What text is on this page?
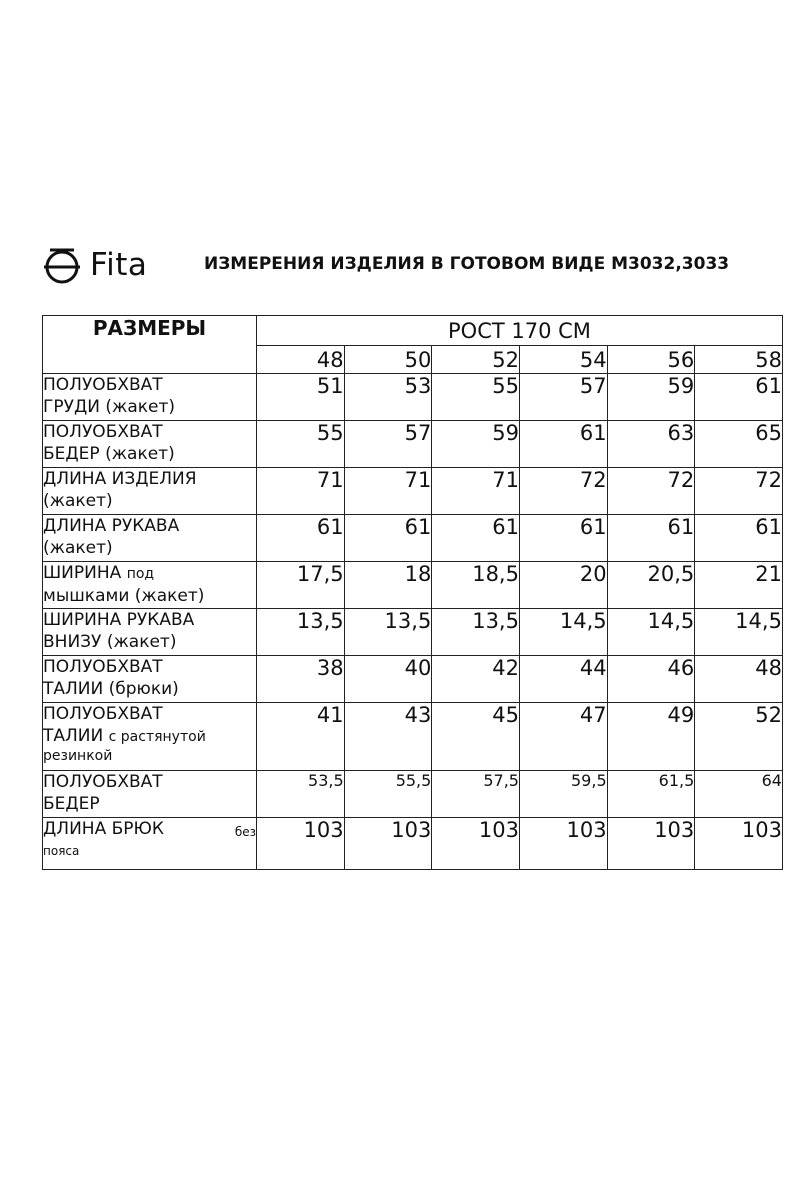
Fita	ИЗМЕРЕНИЯ ИЗДЕЛИЯ В ГОТОВОМ ВИДЕ М3032,3033
РАЗМЕРЫ	РОСТ 170 СМ					
	48	50	52	54	56	58

ПОЛУОБХВАТ
ГРУДИ (жакет)	51	53	55	57	59	61

ПОЛУОБХВАТ
БЕДЕР (жакет)	55	57	59	61	63	65

ДЛИНА ИЗДЕЛИЯ
(жакет)	71	71	71	72	72	72

ДЛИНА РУКАВА
(жакет)	61	61	61	61	61	61

ШИРИНА под
мышками (жакет)	17,5	18	18,5	20	20,5	21

ШИРИНА РУКАВА
ВНИЗУ (жакет)	13,5	13,5	13,5	14,5	14,5	14,5

ПОЛУОБХВАТ
ТАЛИИ (брюки)	38	40	42	44	46	48

ПОЛУОБХВАТ
ТАЛИИ с растянутой
резинкой	41	43	45	47	49	52

ПОЛУОБХВАТ
БЕДЕР	53,5	55,5	57,5	59,5	61,5	64

ДЛИНА БРЮК без
пояса	103	103	103	103	103	103
